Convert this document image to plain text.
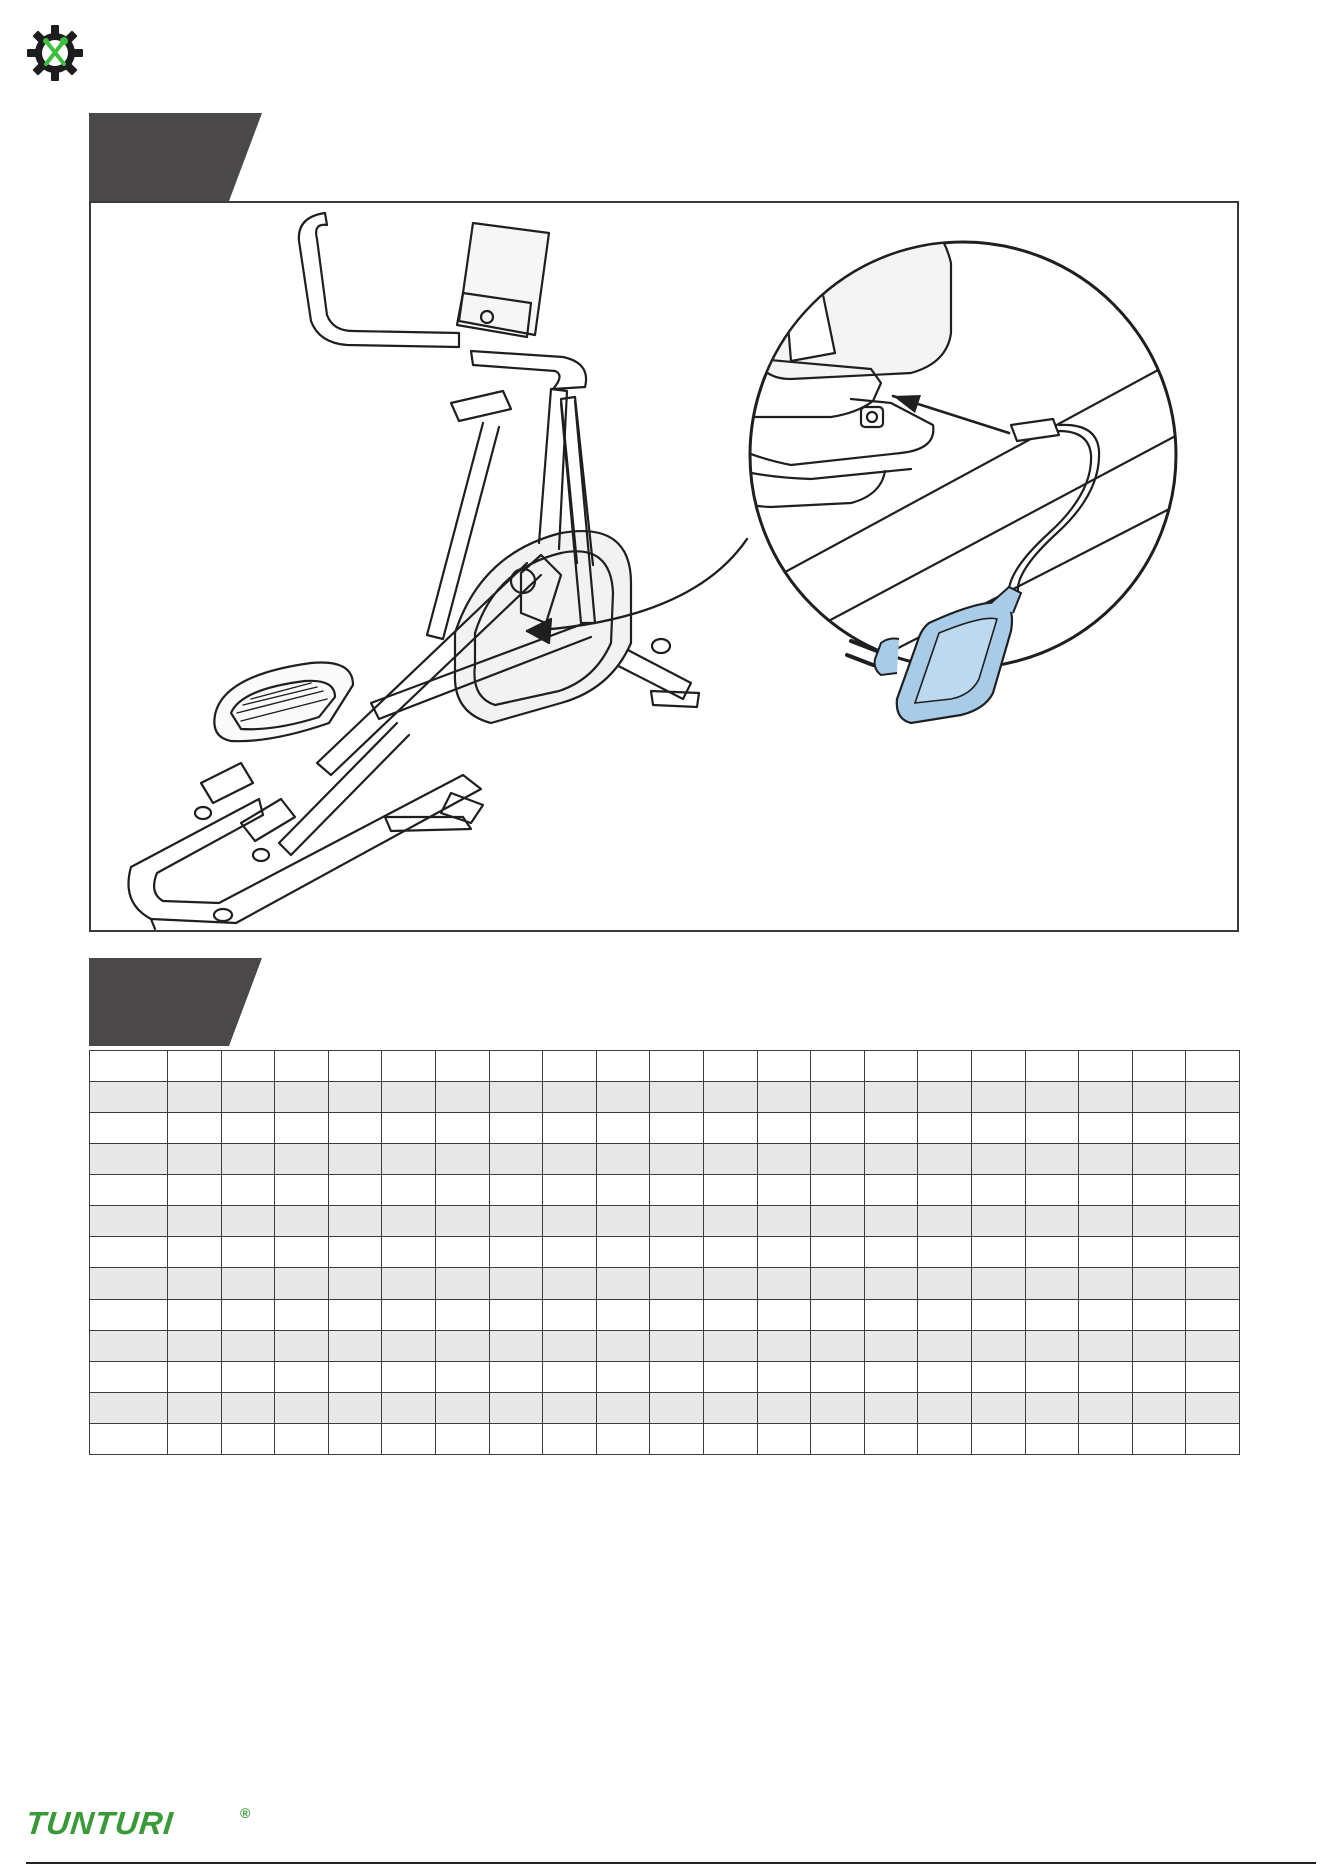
TUNTURI	®
